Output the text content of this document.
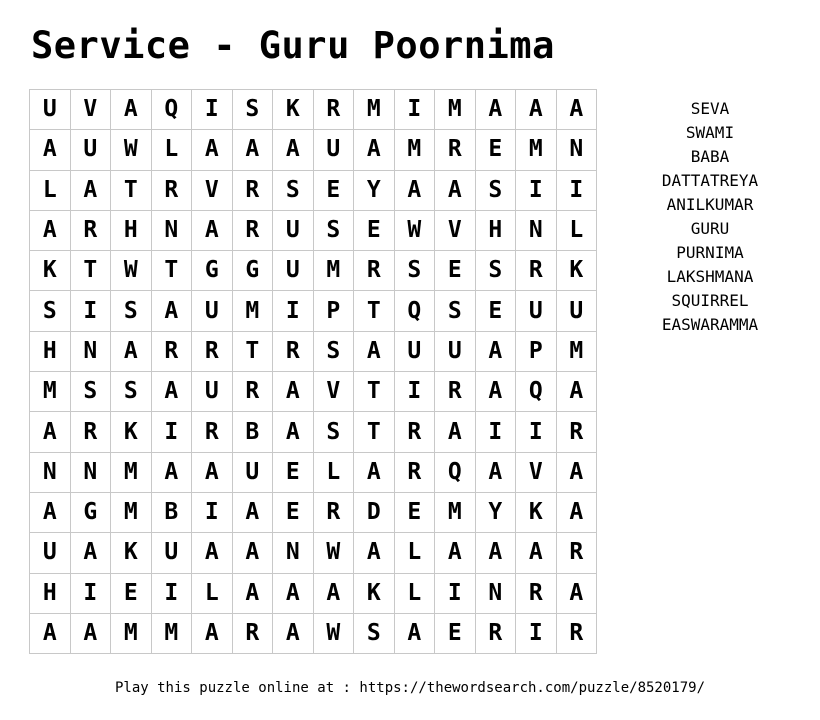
Service - Guru Poornima
U	V	A	Q	I	S	K	R	M	I	M	A	A	A
A	U	W	L	A	A	A	U	A	M	R	E	M	N
L	A	T	R	V	R	S	E	Y	A	A	S	I	I
A	R	H	N	A	R	U	S	E	W	V	H	N	L
K	T	W	T	G	G	U	M	R	S	E	S	R	K
S	I	S	A	U	M	I	P	T	Q	S	E	U	U
H	N	A	R	R	T	R	S	A	U	U	A	P	M
M	S	S	A	U	R	A	V	T	I	R	A	Q	A
A	R	K	I	R	B	A	S	T	R	A	I	I	R
N	N	M	A	A	U	E	L	A	R	Q	A	V	A
A	G	M	B	I	A	E	R	D	E	M	Y	K	A
U	A	K	U	A	A	N	W	A	L	A	A	A	R
H	I	E	I	L	A	A	A	K	L	I	N	R	A
A	A	M	M	A	R	A	W	S	A	E	R	I	R
SEVA
SWAMI
BABA
DATTATREYA
ANILKUMAR
GURU
PURNIMA
LAKSHMANA
SQUIRREL
EASWARAMMA
Play this puzzle online at : https://thewordsearch.com/puzzle/8520179/
